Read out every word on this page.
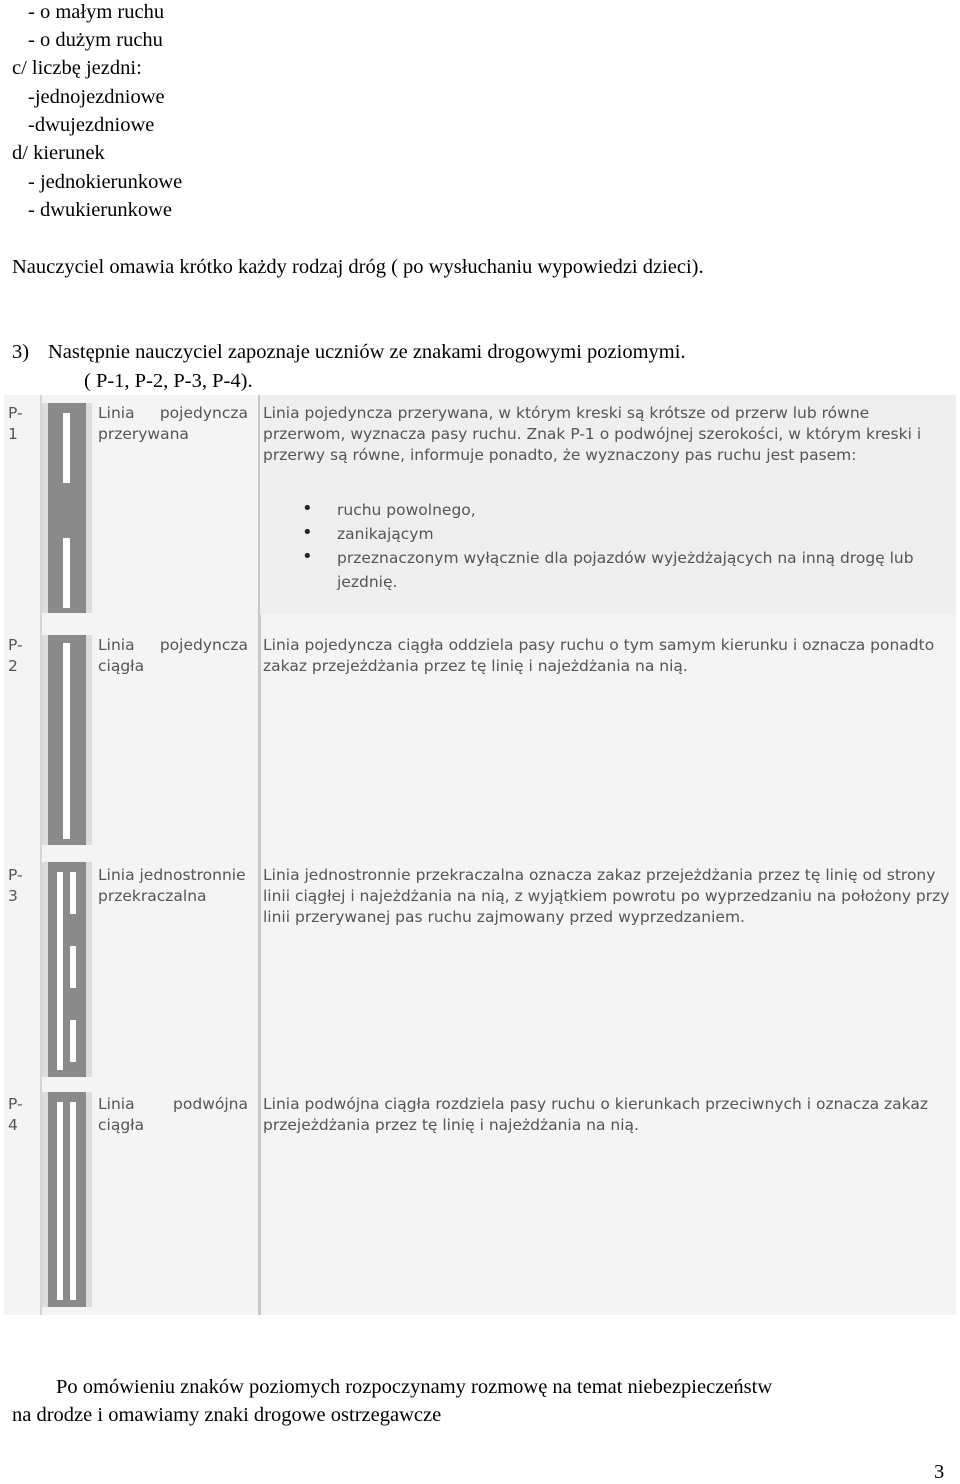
- o małym ruchu
- o dużym ruchu
c/ liczbę jezdni:
-jednojezdniowe
-dwujezdniowe
d/ kierunek
- jednokierunkowe
- dwukierunkowe
Nauczyciel omawia krótko każdy rodzaj dróg ( po wysłuchaniu wypowiedzi dzieci).
3) Następnie nauczyciel zapoznaje uczniów ze znakami drogowymi poziomymi.
( P-1, P-2, P-3, P-4).
P-
1
Linia pojedyncza
przerywana
Linia pojedyncza przerywana, w którym kreski są krótsze od przerw lub równe
przerwom, wyznacza pasy ruchu. Znak P-1 o podwójnej szerokości, w którym kreski i
przerwy są równe, informuje ponadto, że wyznaczony pas ruchu jest pasem:
• ruchu powolnego,
• zanikającym
• przeznaczonym wyłącznie dla pojazdów wyjeżdżających na inną drogę lub jezdnię.
P-
2
Linia pojedyncza
ciągła
Linia pojedyncza ciągła oddziela pasy ruchu o tym samym kierunku i oznacza ponadto
zakaz przejeżdżania przez tę linię i najeżdżania na nią.
P-
3
Linia jednostronnie
przekraczalna
Linia jednostronnie przekraczalna oznacza zakaz przejeżdżania przez tę linię od strony
linii ciągłej i najeżdżania na nią, z wyjątkiem powrotu po wyprzedzaniu na położony przy
linii przerywanej pas ruchu zajmowany przed wyprzedzaniem.
P-
4
Linia podwójna
ciągła
Linia podwójna ciągła rozdziela pasy ruchu o kierunkach przeciwnych i oznacza zakaz
przejeżdżania przez tę linię i najeżdżania na nią.
Po omówieniu znaków poziomych rozpoczynamy rozmowę na temat niebezpieczeństw
na drodze i omawiamy znaki drogowe ostrzegawcze
3
